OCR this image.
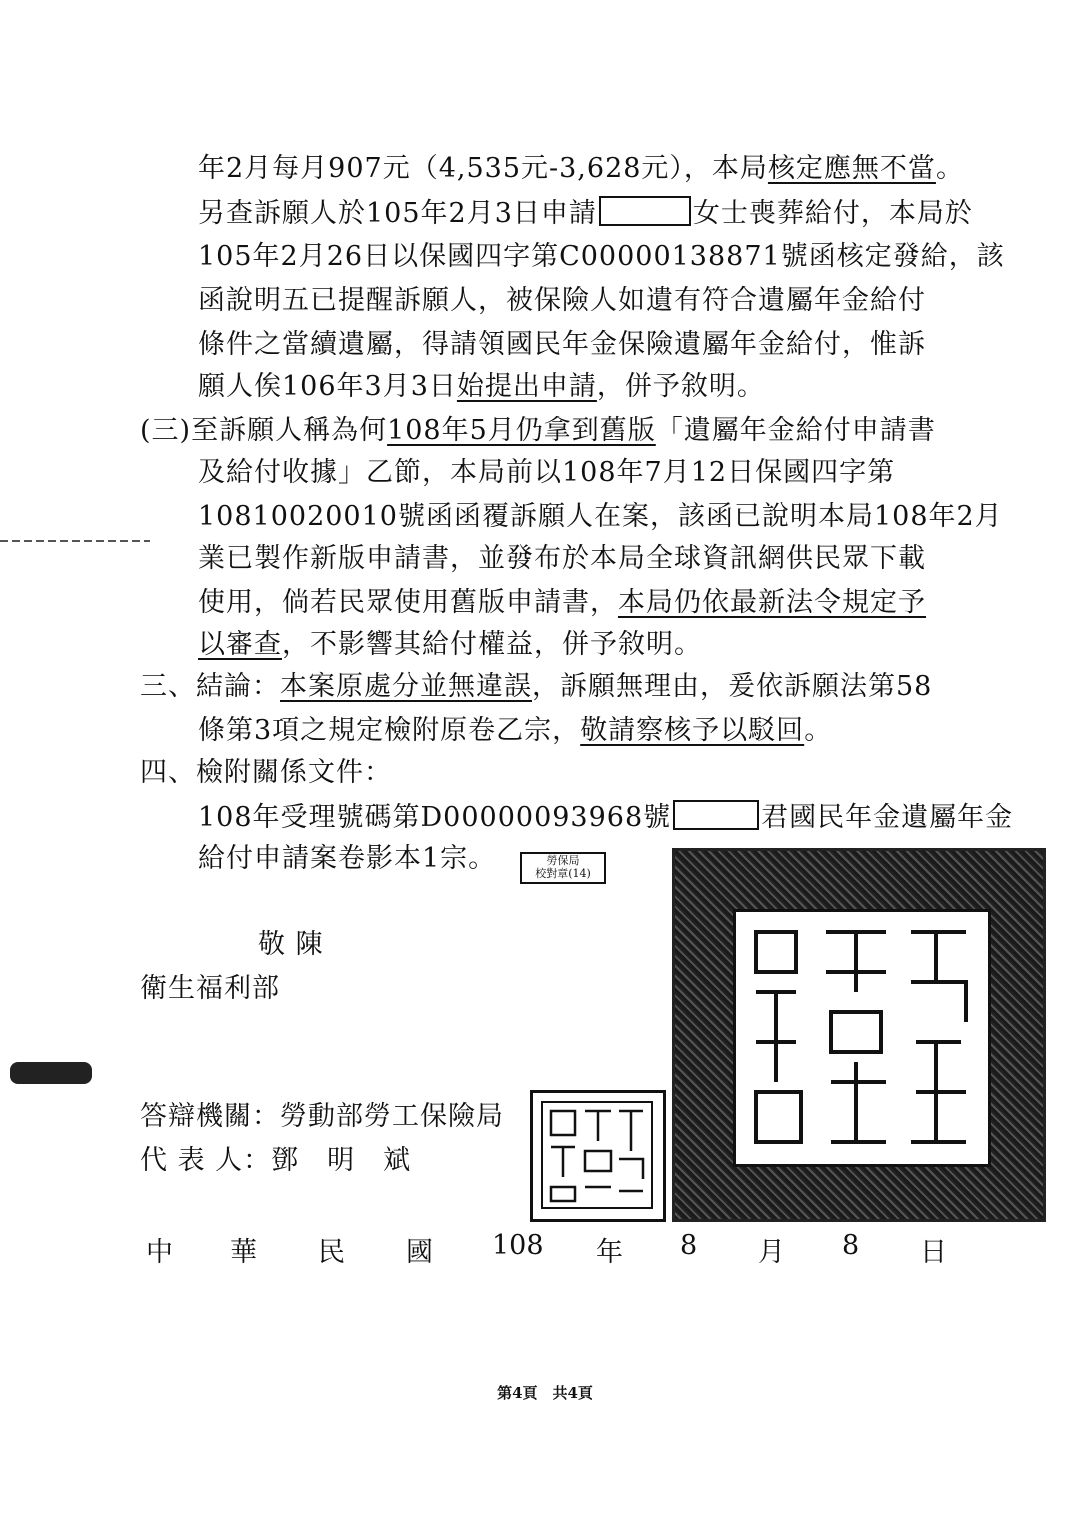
年2月每月907元（4,535元-3,628元），本局核定應無不當。
另查訴願人於105年2月3日申請	女士喪葬給付，本局於
105年2月26日以保國四字第C00000138871號函核定發給，該
函說明五已提醒訴願人，被保險人如遺有符合遺屬年金給付
條件之當續遺屬，得請領國民年金保險遺屬年金給付，惟訴
願人俟106年3月3日始提出申請，併予敘明。
(三)至訴願人稱為何108年5月仍拿到舊版「遺屬年金給付申請書
及給付收據」乙節，本局前以108年7月12日保國四字第
10810020010號函函覆訴願人在案，該函已說明本局108年2月
業已製作新版申請書，並發布於本局全球資訊網供民眾下載
使用，倘若民眾使用舊版申請書，本局仍依最新法令規定予
以審查，不影響其給付權益，併予敘明。
三、結論：本案原處分並無違誤，訴願無理由，爰依訴願法第58
條第3項之規定檢附原卷乙宗，敬請察核予以駁回。
四、檢附關係文件：
108年受理號碼第D00000093968號	君國民年金遺屬年金
給付申請案卷影本1宗。	勞保局
校對章(14)
敬 陳
衛生福利部
答辯機關：勞動部勞工保險局
代 表 人：鄧　明　斌
中 華 民 國 108 年 8 月 8 日
第4頁　共4頁
